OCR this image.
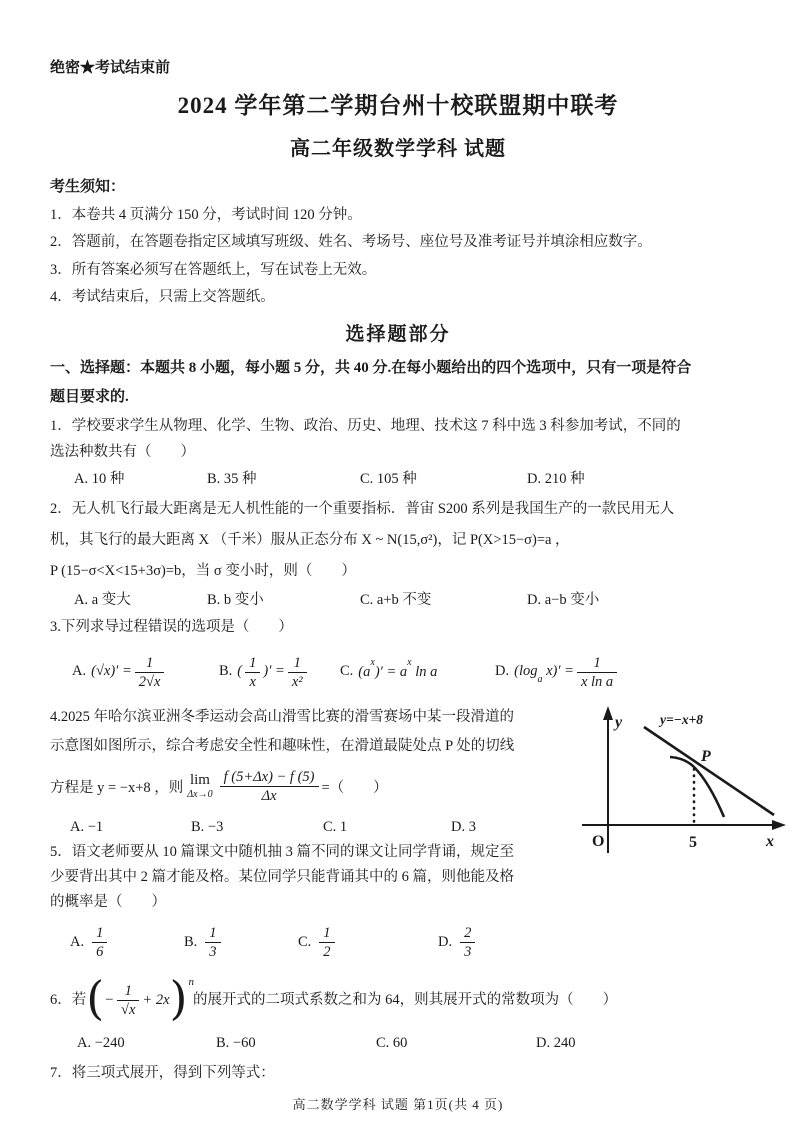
绝密★考试结束前
2024 学年第二学期台州十校联盟期中联考
高二年级数学学科 试题
考生须知：
1．本卷共 4 页满分 150 分，考试时间 120 分钟。
2．答题前，在答题卷指定区域填写班级、姓名、考场号、座位号及准考证号并填涂相应数字。
3．所有答案必须写在答题纸上，写在试卷上无效。
4．考试结束后，只需上交答题纸。
选择题部分
一、选择题：本题共 8 小题，每小题 5 分，共 40 分.在每小题给出的四个选项中，只有一项是符合
题目要求的.
1．学校要求学生从物理、化学、生物、政治、历史、地理、技术这 7 科中选 3 科参加考试，不同的
选法种数共有（　　）
A. 10 种	B. 35 种	C. 105 种	D. 210 种
2．无人机飞行最大距离是无人机性能的一个重要指标．普宙 S200 系列是我国生产的一款民用无人
机，其飞行的最大距离 X （千米）服从正态分布 X ~ N(15,σ²)，记 P(X>15−σ)=a ，
P (15−σ<X<15+3σ)=b，当 σ 变小时，则（　　）
A. a 变大	B. b 变小	C. a+b 不变	D. a−b 变小
3.下列求导过程错误的选项是（　　）
A. $(√x)' = \frac{1}{2√x}$	B. ( $\frac{1}{x}$ )′ = $\frac{1}{\text{x²}} C$. $(a^x)' = a^x$ ln a	D. ($\log_a$ $x)' = \frac{1}{\text{x ln a}}$
y
O	5	x
P
y=−x+8
4.2025 年哈尔滨亚洲冬季运动会高山滑雪比赛的滑雪赛场中某一段滑道的
示意图如图所示，综合考虑安全性和趣味性，在滑道最陡处点 P 处的切线
方程是 y = −x+8 ，则 lim
$\Delta x\to 0 \frac{f (5+\Delta x) - f (5)}{\Delta x}$ =（　　）
A. −1	B. −3	C. 1	D. 3
5．语文老师要从 10 篇课文中随机抽 3 篇不同的课文让同学背诵，规定至
少要背出其中 2 篇才能及格。某位同学只能背诵其中的 6 篇，则他能及格
的概率是（　　）
A. $\frac{1}{6}$	B. $\frac{1}{3}$	C. $\frac{1}{2}$	D. $\frac{2}{3}$
6．若 ( − $\frac{1}{√x} + 2x$ ) n
的展开式的二项式系数之和为 64，则其展开式的常数项为（　　）
A. −240	B. −60	C. 60	D. 240
7．将三项式展开，得到下列等式：
高二数学学科 试题 第1页(共 4 页)
